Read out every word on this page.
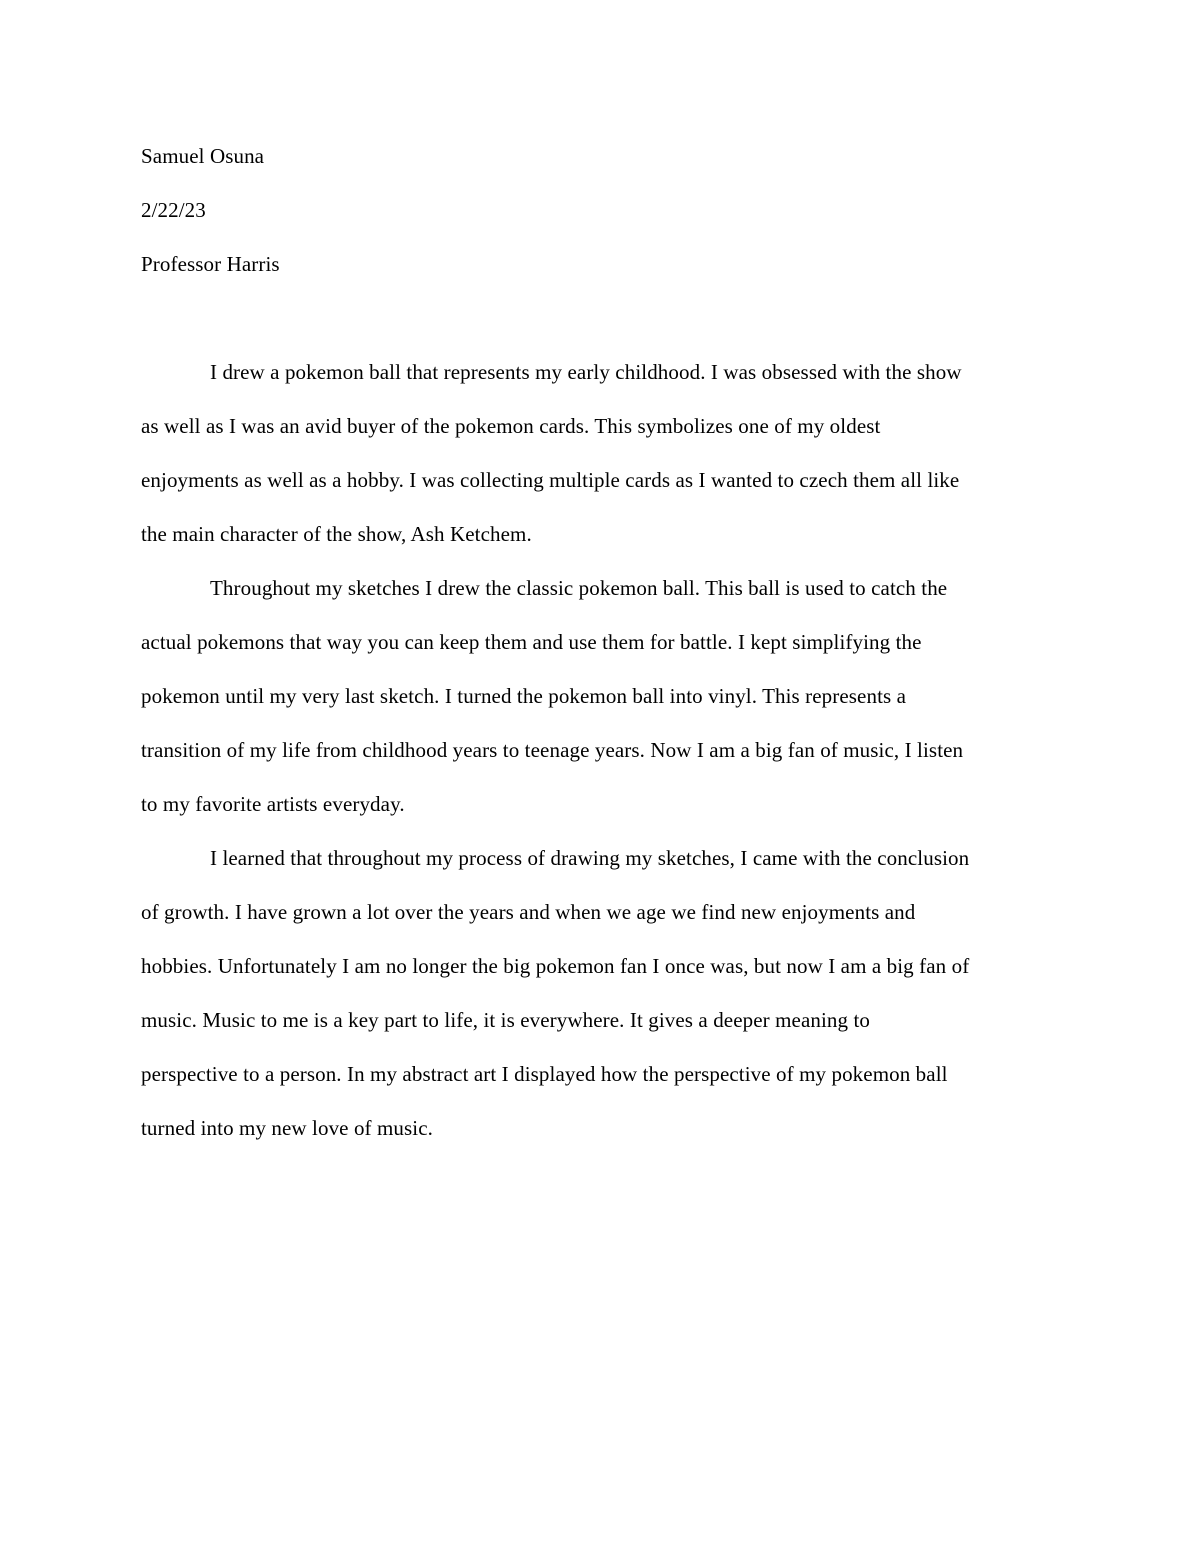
Samuel Osuna
2/22/23
Professor Harris
I drew a pokemon ball that represents my early childhood. I was obsessed with the show
as well as I was an avid buyer of the pokemon cards. This symbolizes one of my oldest
enjoyments as well as a hobby. I was collecting multiple cards as I wanted to czech them all like
the main character of the show, Ash Ketchem.
Throughout my sketches I drew the classic pokemon ball. This ball is used to catch the
actual pokemons that way you can keep them and use them for battle. I kept simplifying the
pokemon until my very last sketch. I turned the pokemon ball into vinyl. This represents a
transition of my life from childhood years to teenage years. Now I am a big fan of music, I listen
to my favorite artists everyday.
I learned that throughout my process of drawing my sketches, I came with the conclusion
of growth. I have grown a lot over the years and when we age we find new enjoyments and
hobbies. Unfortunately I am no longer the big pokemon fan I once was, but now I am a big fan of
music. Music to me is a key part to life, it is everywhere. It gives a deeper meaning to
perspective to a person. In my abstract art I displayed how the perspective of my pokemon ball
turned into my new love of music.
